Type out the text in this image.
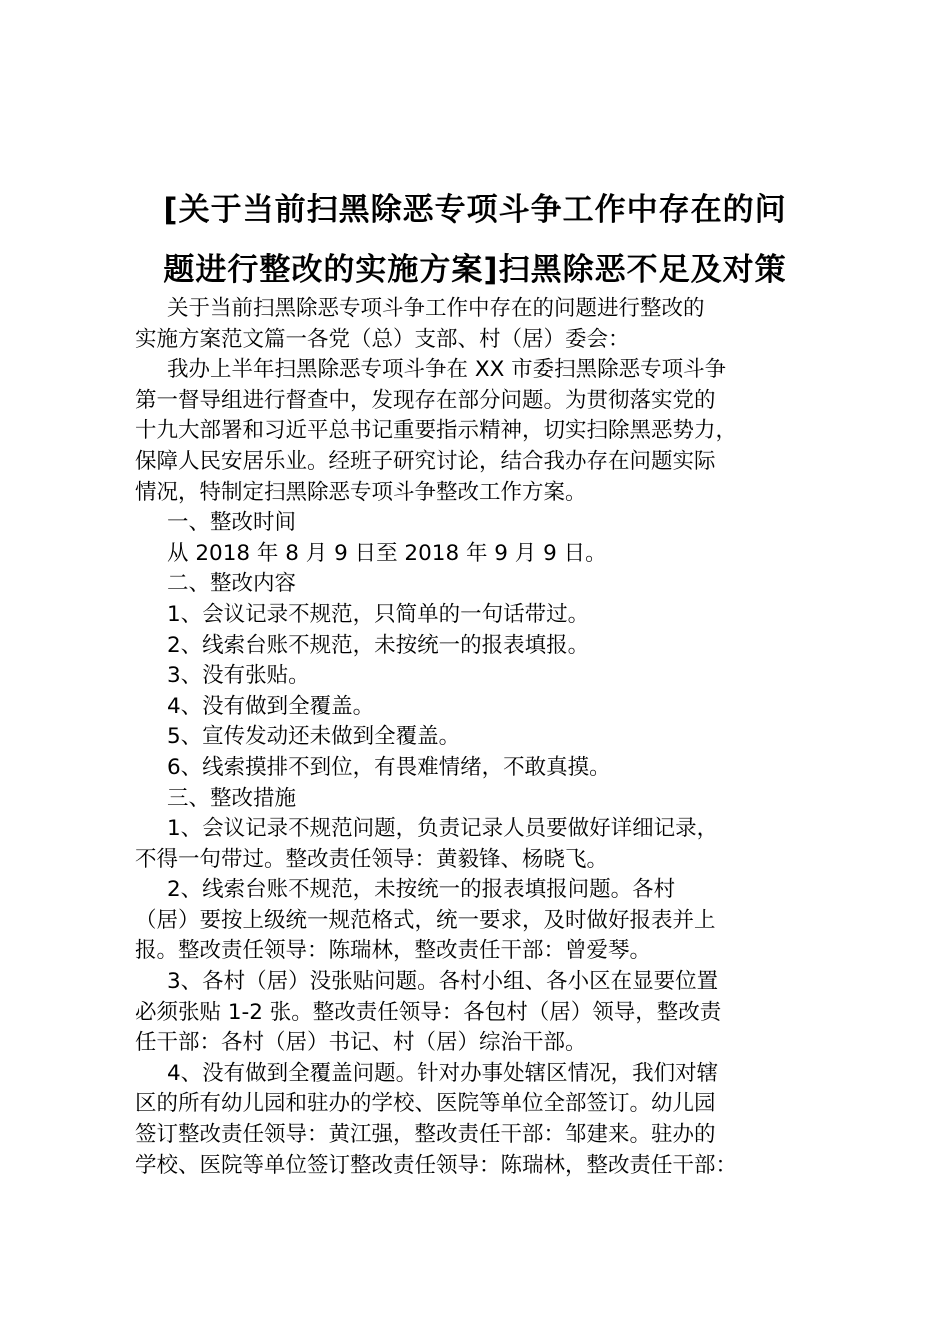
[关于当前扫黑除恶专项斗争工作中存在的问
题进行整改的实施方案]扫黑除恶不足及对策
关于当前扫黑除恶专项斗争工作中存在的问题进行整改的
实施方案范文篇一各党（总）支部、村（居）委会：
我办上半年扫黑除恶专项斗争在 XX 市委扫黑除恶专项斗争
第一督导组进行督查中，发现存在部分问题。为贯彻落实党的
十九大部署和习近平总书记重要指示精神，切实扫除黑恶势力，
保障人民安居乐业。经班子研究讨论，结合我办存在问题实际
情况，特制定扫黑除恶专项斗争整改工作方案。
一、整改时间
从 2018 年 8 月 9 日至 2018 年 9 月 9 日。
二、整改内容
1、会议记录不规范，只简单的一句话带过。
2、线索台账不规范，未按统一的报表填报。
3、没有张贴。
4、没有做到全覆盖。
5、宣传发动还未做到全覆盖。
6、线索摸排不到位，有畏难情绪，不敢真摸。
三、整改措施
1、会议记录不规范问题，负责记录人员要做好详细记录，
不得一句带过。整改责任领导：黄毅锋、杨晓飞。
2、线索台账不规范，未按统一的报表填报问题。各村
（居）要按上级统一规范格式，统一要求，及时做好报表并上
报。整改责任领导：陈瑞林，整改责任干部：曾爱琴。
3、各村（居）没张贴问题。各村小组、各小区在显要位置
必须张贴 1-2 张。整改责任领导：各包村（居）领导，整改责
任干部：各村（居）书记、村（居）综治干部。
4、没有做到全覆盖问题。针对办事处辖区情况，我们对辖
区的所有幼儿园和驻办的学校、医院等单位全部签订。幼儿园
签订整改责任领导：黄江强，整改责任干部：邹建来。驻办的
学校、医院等单位签订整改责任领导：陈瑞林，整改责任干部：
